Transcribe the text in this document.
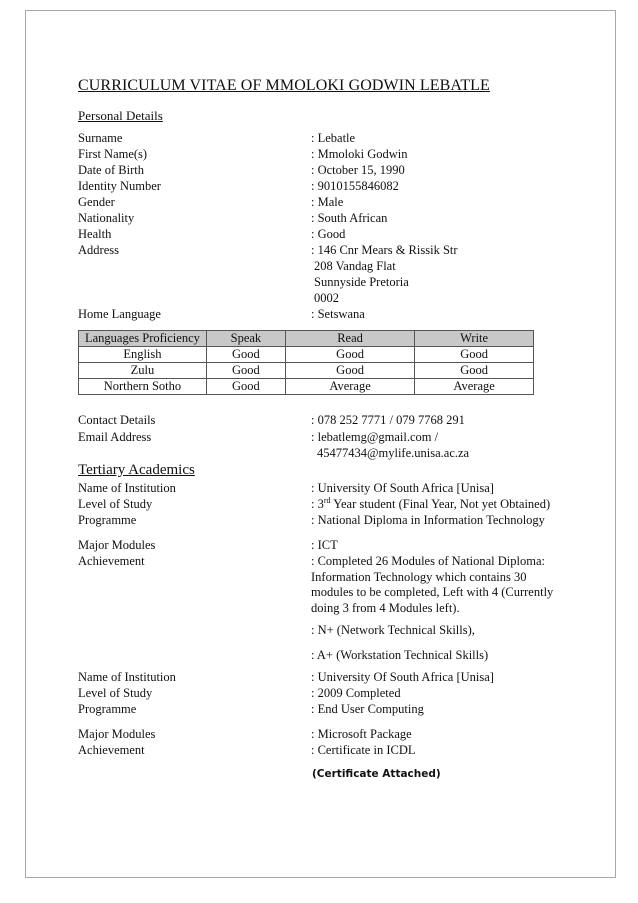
CURRICULUM VITAE OF MMOLOKI GODWIN LEBATLE
Personal Details
Surname	: Lebatle
First Name(s)	: Mmoloki Godwin
Date of Birth	: October 15, 1990
Identity Number	: 9010155846082
Gender	: Male
Nationality	: South African
Health	: Good
Address	: 146 Cnr Mears & Rissik Str
208 Vandag Flat
Sunnyside Pretoria
0002
Home Language	: Setswana
Languages Proficiency	Speak	Read	Write
English	Good	Good	Good
Zulu	Good	Good	Good
Northern Sotho	Good	Average	Average
Contact Details	: 078 252 7771 / 079 7768 291
Email Address	: lebatlemg@gmail.com /
45477434@mylife.unisa.ac.za
Tertiary Academics
Name of Institution	: University Of South Africa [Unisa]
Level of Study	: 3rd Year student (Final Year, Not yet Obtained)
Programme	: National Diploma in Information Technology
Major Modules	: ICT
Achievement	: Completed 26 Modules of National Diploma: Information Technology which contains 30 modules to be completed, Left with 4 (Currently doing 3 from 4 Modules left).
: N+ (Network Technical Skills),
: A+ (Workstation Technical Skills)
Name of Institution	: University Of South Africa [Unisa]
Level of Study	: 2009 Completed
Programme	: End User Computing
Major Modules	: Microsoft Package
Achievement	: Certificate in ICDL
(Certificate Attached)
